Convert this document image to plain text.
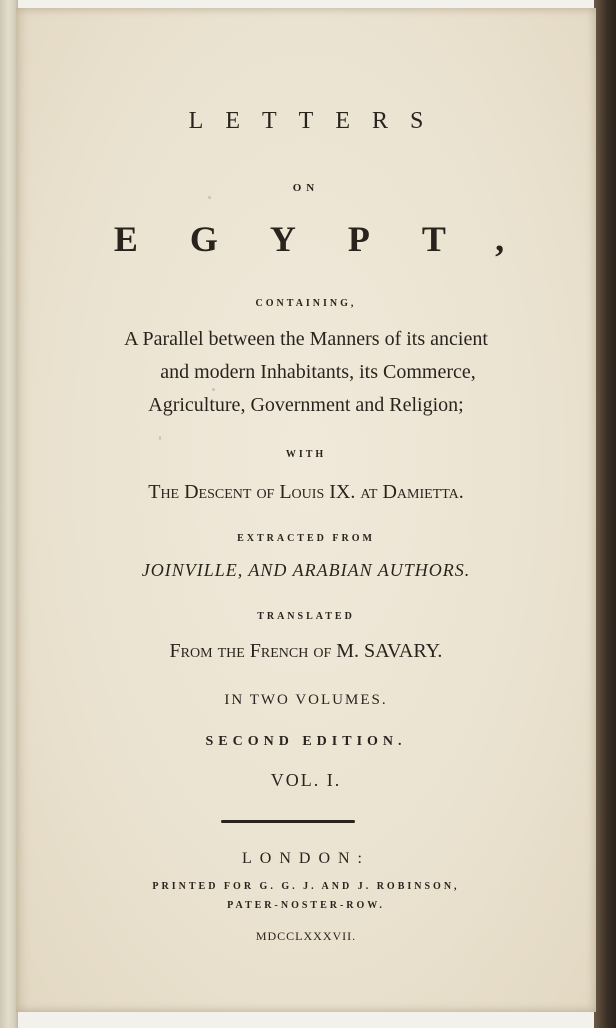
LETTERS
ON
EGYPT,
CONTAINING,
A Parallel between the Manners of its ancient
and modern Inhabitants, its Commerce,
Agriculture, Government and Religion;
WITH
The Descent of Louis IX. at Damietta.
EXTRACTED FROM
JOINVILLE, AND ARABIAN AUTHORS.
TRANSLATED
From the French of M. SAVARY.
IN TWO VOLUMES.
SECOND EDITION.
VOL. I.
LONDON:
PRINTED FOR G. G. J. AND J. ROBINSON,
PATER-NOSTER-ROW.
MDCCLXXXVII.
